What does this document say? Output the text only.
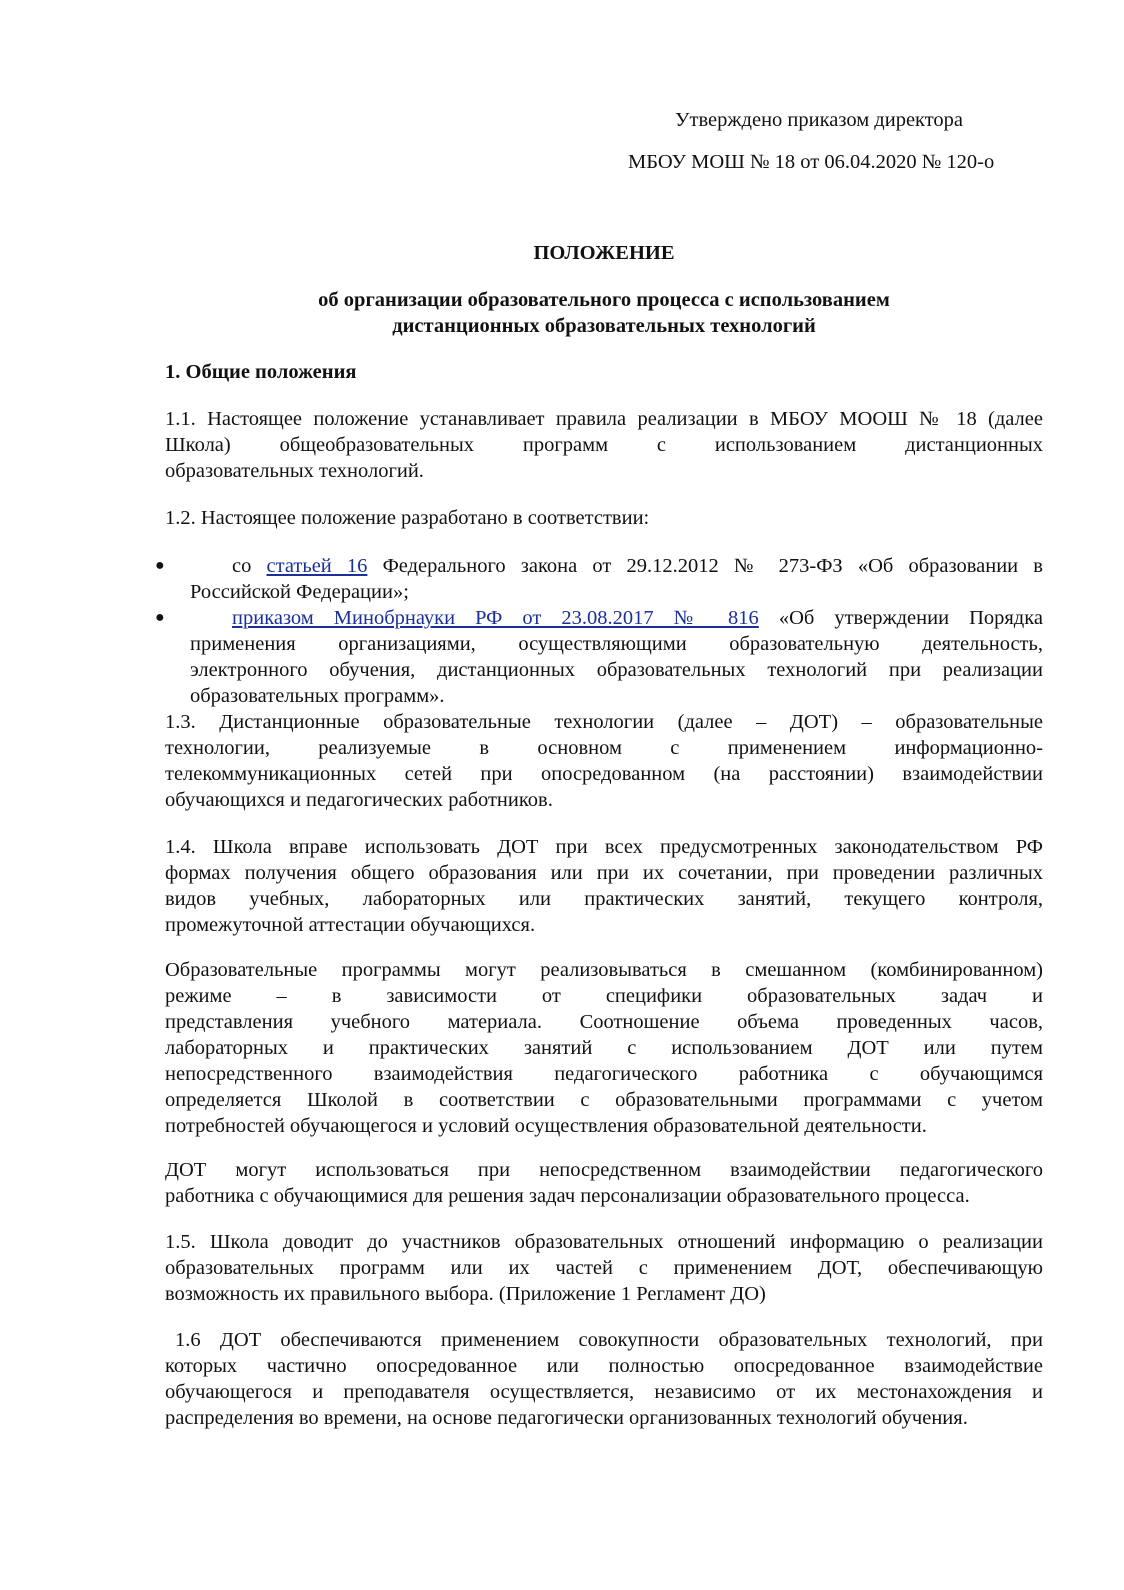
Утверждено приказом директора
МБОУ МОШ № 18 от 06.04.2020 № 120-о
ПОЛОЖЕНИЕ
об организации образовательного процесса с использованием
дистанционных образовательных технологий
1. Общие положения
1.1. Настоящее положение устанавливает правила реализации в МБОУ МООШ № 18 (далее
Школа) общеобразовательных программ с использованием дистанционных
образовательных технологий.
1.2. Настоящее положение разработано в соответствии:
●	со статьей 16 Федерального закона от 29.12.2012 № 273-ФЗ «Об образовании в
Российской Федерации»;
●	приказом Минобрнауки РФ от 23.08.2017 № 816 «Об утверждении Порядка
применения организациями, осуществляющими образовательную деятельность,
электронного обучения, дистанционных образовательных технологий при реализации
образовательных программ».
1.3. Дистанционные образовательные технологии (далее – ДОТ) – образовательные
технологии, реализуемые в основном с применением информационно-
телекоммуникационных сетей при опосредованном (на расстоянии) взаимодействии
обучающихся и педагогических работников.
1.4. Школа вправе использовать ДОТ при всех предусмотренных законодательством РФ
формах получения общего образования или при их сочетании, при проведении различных
видов учебных, лабораторных или практических занятий, текущего контроля,
промежуточной аттестации обучающихся.
Образовательные программы могут реализовываться в смешанном (комбинированном)
режиме – в зависимости от специфики образовательных задач и
представления учебного материала. Соотношение объема проведенных часов,
лабораторных и практических занятий с использованием ДОТ или путем
непосредственного взаимодействия педагогического работника с обучающимся
определяется Школой в соответствии с образовательными программами с учетом
потребностей обучающегося и условий осуществления образовательной деятельности.
ДОТ могут использоваться при непосредственном взаимодействии педагогического
работника с обучающимися для решения задач персонализации образовательного процесса.
1.5. Школа доводит до участников образовательных отношений информацию о реализации
образовательных программ или их частей с применением ДОТ, обеспечивающую
возможность их правильного выбора. (Приложение 1 Регламент ДО)
1.6 ДОТ обеспечиваются применением совокупности образовательных технологий, при
которых частично опосредованное или полностью опосредованное взаимодействие
обучающегося и преподавателя осуществляется, независимо от их местонахождения и
распределения во времени, на основе педагогически организованных технологий обучения.
